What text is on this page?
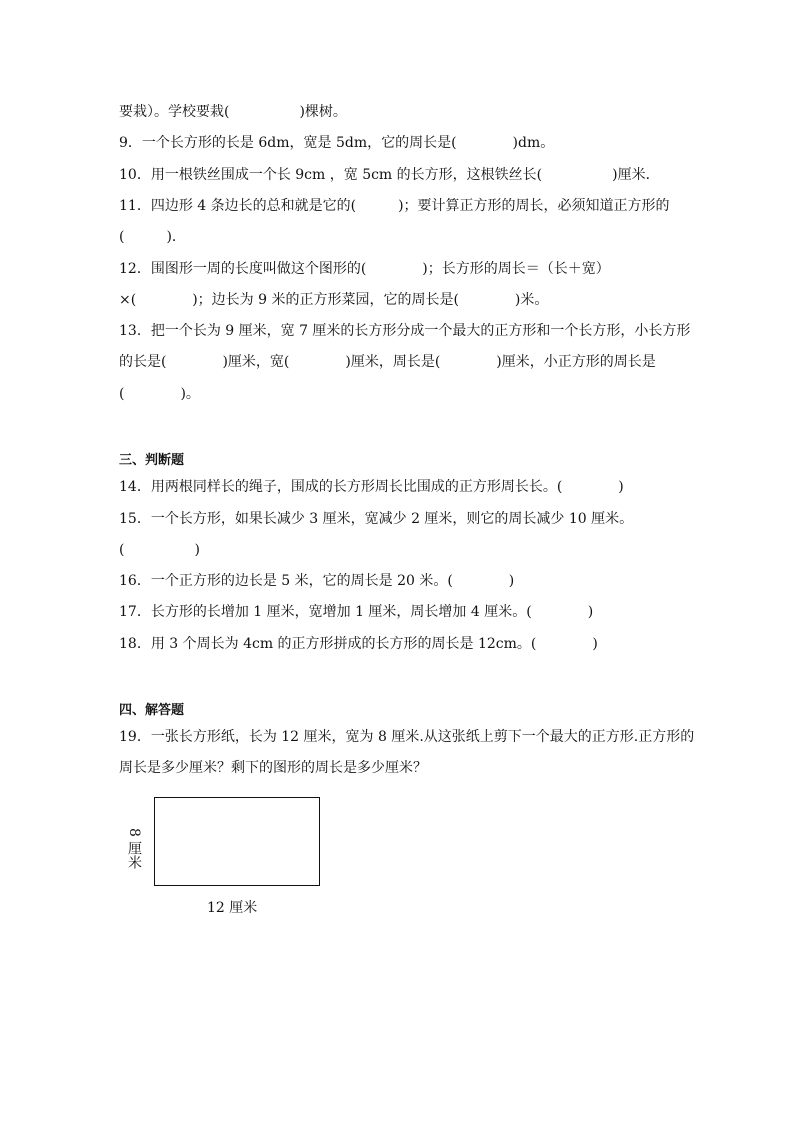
要栽）。学校要栽(　　　　　)棵树。
9．一个长方形的长是 6dm，宽是 5dm，它的周长是(　　　　)dm。
10．用一根铁丝围成一个长 9cm ，宽 5cm 的长方形，这根铁丝长(　　　　　)厘米．
11．四边形 4 条边长的总和就是它的(　　　)；要计算正方形的周长，必须知道正方形的
(　　　)．
12．围图形一周的长度叫做这个图形的(　　　　)；长方形的周长＝（长＋宽）
×(　　　　)；边长为 9 米的正方形菜园，它的周长是(　　　　)米。
13．把一个长为 9 厘米，宽 7 厘米的长方形分成一个最大的正方形和一个长方形，小长方形
的长是(　　　　)厘米，宽(　　　　)厘米，周长是(　　　　)厘米，小正方形的周长是
(　　　　)。
三、判断题
14．用两根同样长的绳子，围成的长方形周长比围成的正方形周长长。(　　　　)
15．一个长方形，如果长减少 3 厘米，宽减少 2 厘米，则它的周长减少 10 厘米。
(　　　　　)
16．一个正方形的边长是 5 米，它的周长是 20 米。(　　　　)
17．长方形的长增加 1 厘米，宽增加 1 厘米，周长增加 4 厘米。(　　　　)
18．用 3 个周长为 4cm 的正方形拼成的长方形的周长是 12cm。(　　　　)
四、解答题
19．一张长方形纸，长为 12 厘米，宽为 8 厘米.从这张纸上剪下一个最大的正方形.正方形的
周长是多少厘米？剩下的图形的周长是多少厘米？
8 厘米
12 厘米
